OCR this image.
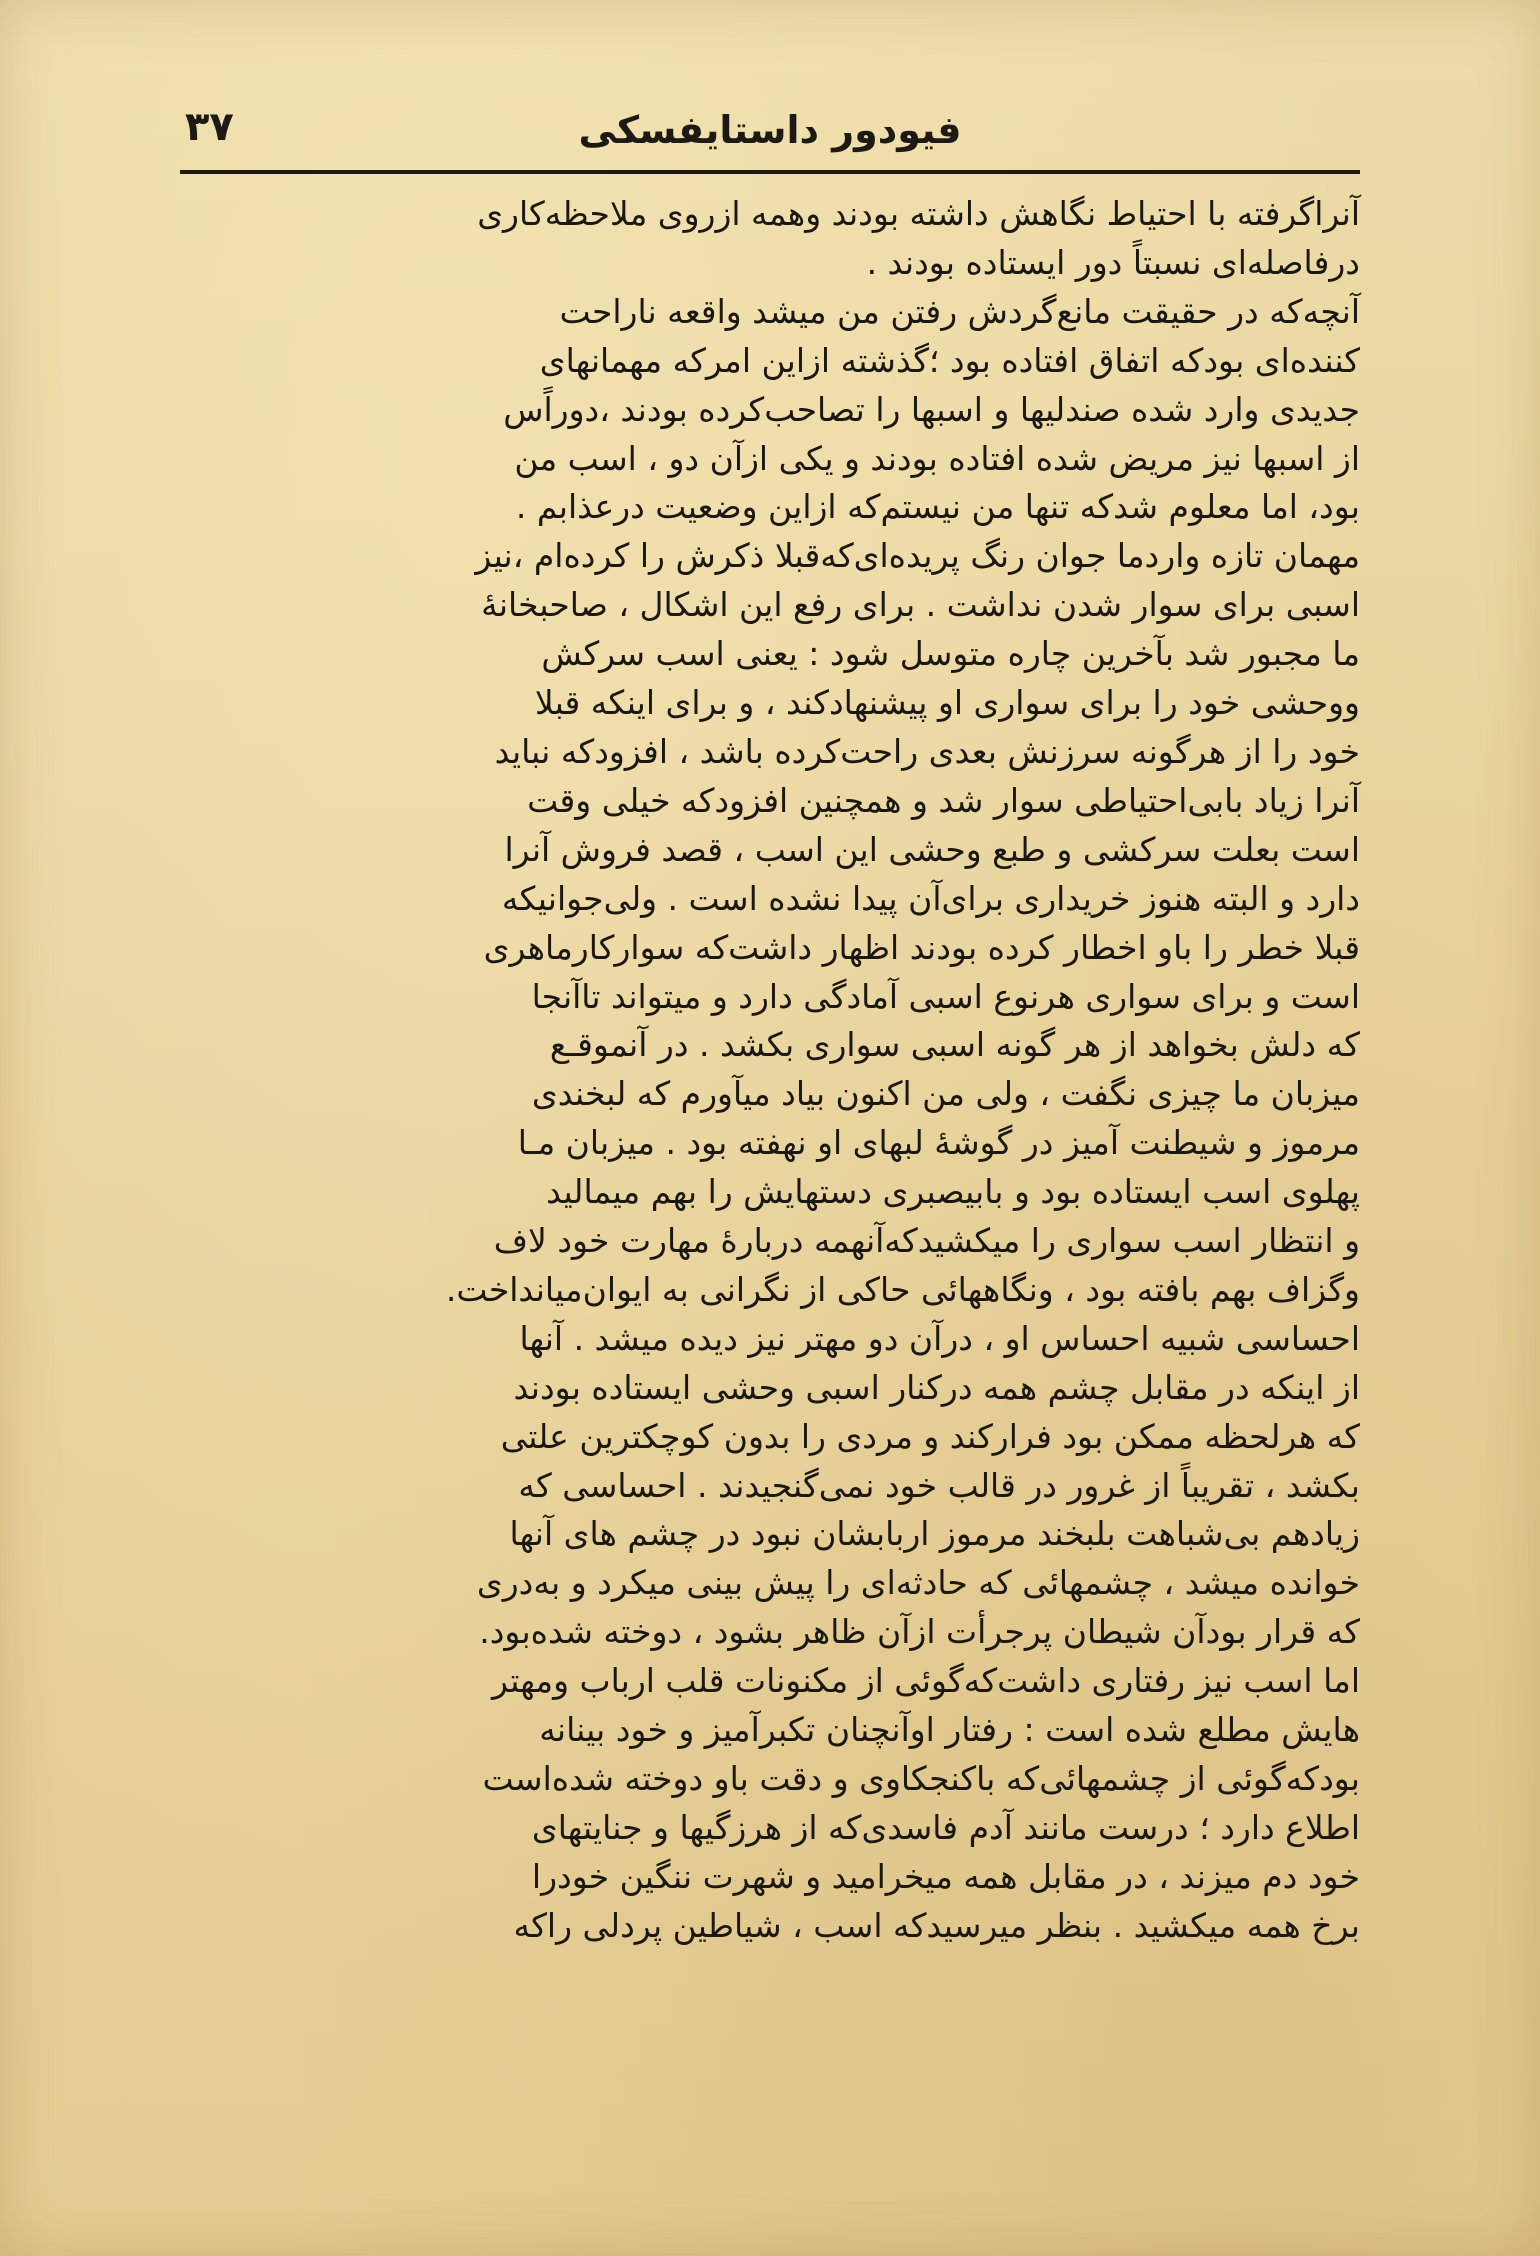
۳۷	فیودور داستایفسکی
آنراگرفته با احتیاط نگاهش داشته بودند وهمه ازروی ملاحظه‌کاری
درفاصله‌ای نسبتاً دور ایستاده بودند .
آنچه‌که در حقیقت مانع‌گردش رفتن من میشد واقعه ناراحت
کننده‌ای بودکه اتفاق افتاده بود ؛گذشته ازاین امرکه مهمانهای
جدیدی وارد شده صندلیها و اسبها را تصاحب‌کرده بودند ،دوراًس
از اسبها نیز مریض شده افتاده بودند و یکی ازآن دو ، اسب من
بود، اما معلوم شدکه تنها من نیستم‌که ازاین وضعیت درعذابم .
مهمان تازه واردما جوان رنگ پریده‌ای‌که‌قبلا ذکرش را کرده‌ام ،نیز
اسبی برای سوار شدن نداشت . برای رفع این اشکال ، صاحبخانهٔ
ما مجبور شد بآخرین چاره متوسل شود : یعنی اسب سرکش
ووحشی خود را برای سواری او پیشنهادکند ، و برای اینکه قبلا
خود را از هرگونه سرزنش بعدی راحت‌کرده باشد ، افزودکه نباید
آنرا زیاد بابی‌احتیاطی سوار شد و همچنین افزودکه خیلی وقت
است بعلت سرکشی و طبع وحشی این اسب ، قصد فروش آنرا
دارد و البته هنوز خریداری برای‌آن پیدا نشده است . ولی‌جوانیکه
قبلا خطر را باو اخطار کرده بودند اظهار داشت‌که سوارکارماهری
است و برای سواری هرنوع اسبی آمادگی دارد و میتواند تاآنجا
که دلش بخواهد از هر گونه اسبی سواری بکشد . در آنموقـع
میزبان ما چیزی نگفت ، ولی من اکنون بیاد میآورم که لبخندی
مرموز و شیطنت آمیز در گوشهٔ لبهای او نهفته بود . میزبان مـا
پهلوی اسب ایستاده بود و بابیصبری دستهایش را بهم میمالید
و انتظار اسب سواری را میکشیدکه‌آنهمه دربارهٔ مهارت خود لاف
وگزاف بهم بافته بود ، ونگاههائی حاکی از نگرانی به ایوان‌میانداخت.
احساسی شبیه احساس او ، درآن دو مهتر نیز دیده میشد . آنها
از اینکه در مقابل چشم همه درکنار اسبی وحشی ایستاده بودند
که هرلحظه ممکن بود فرارکند و مردی را بدون کوچکترین علتی
بکشد ، تقریباً از غرور در قالب خود نمی‌گنجیدند . احساسی که
زیادهم بی‌شباهت بلبخند مرموز اربابشان نبود در چشم های آنها
خوانده میشد ، چشمهائی که حادثه‌ای را پیش بینی میکرد و به‌دری
که قرار بودآن شیطان پرجرأت ازآن ظاهر بشود ، دوخته شده‌بود.
اما اسب نیز رفتاری داشت‌که‌گوئی از مکنونات قلب ارباب ومهتر
هایش مطلع شده است : رفتار اوآنچنان تکبرآمیز و خود بینانه
بودکه‌گوئی از چشمهائی‌که باکنجکاوی و دقت باو دوخته شده‌است
اطلاع دارد ؛ درست مانند آدم فاسدی‌که از هرزگیها و جنایتهای
خود دم میزند ، در مقابل همه میخرامید و شهرت ننگین خودرا
برخ همه میکشید . بنظر میرسیدکه اسب ، شیاطین پردلی راکه
